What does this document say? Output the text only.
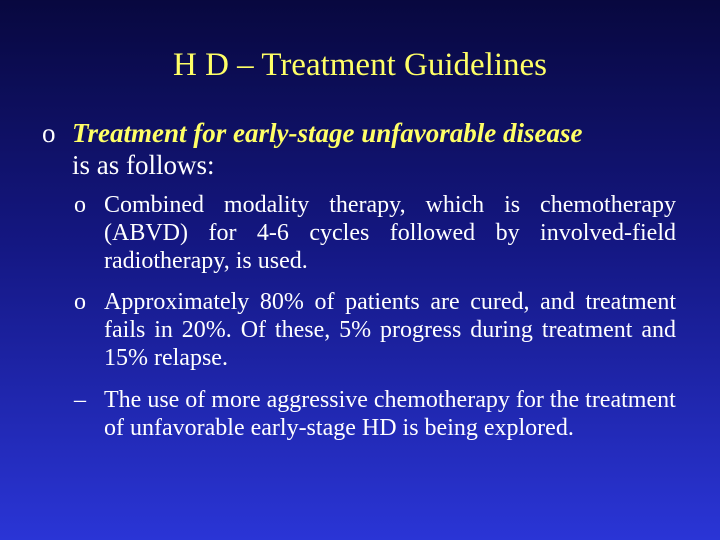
H D – Treatment Guidelines
o Treatment for early-stage unfavorable disease
is as follows:

o Combined modality therapy, which is chemotherapy (ABVD) for 4-6 cycles followed by involved-field radiotherapy, is used.

o Approximately 80% of patients are cured, and treatment fails in 20%. Of these, 5% progress during treatment and 15% relapse.

– The use of more aggressive chemotherapy for the treatment of unfavorable early-stage HD is being explored.
